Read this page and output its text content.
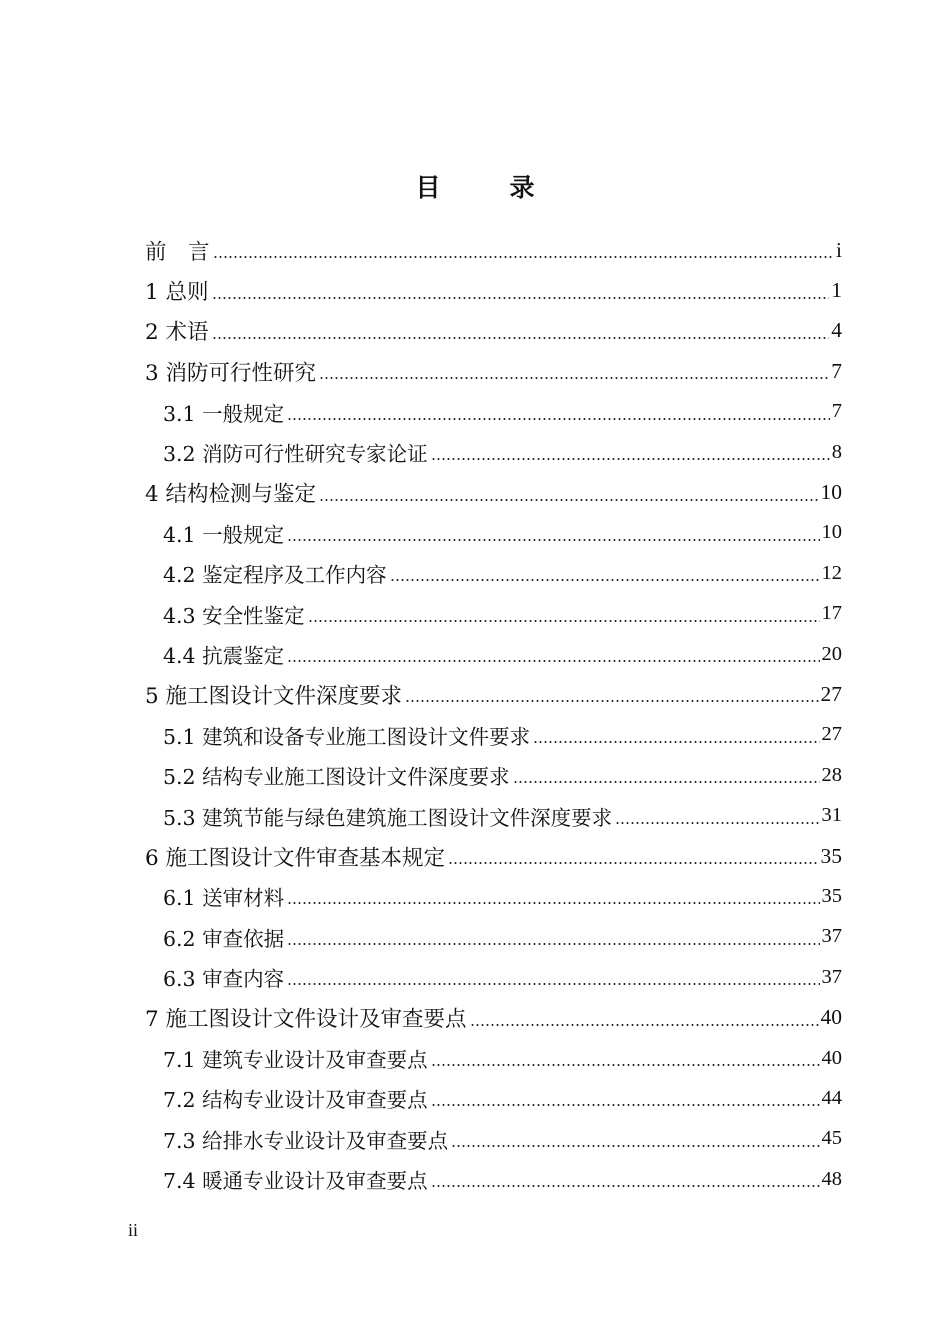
目　录
前　言	i
1 总则	1
2 术语	4
3 消防可行性研究	7
3.1 一般规定	7
3.2 消防可行性研究专家论证	8
4 结构检测与鉴定	10
4.1 一般规定	10
4.2 鉴定程序及工作内容	12
4.3 安全性鉴定	17
4.4 抗震鉴定	20
5 施工图设计文件深度要求	27
5.1 建筑和设备专业施工图设计文件要求	27
5.2 结构专业施工图设计文件深度要求	28
5.3 建筑节能与绿色建筑施工图设计文件深度要求	31
6 施工图设计文件审查基本规定	35
6.1 送审材料	35
6.2 审查依据	37
6.3 审查内容	37
7 施工图设计文件设计及审查要点	40
7.1 建筑专业设计及审查要点	40
7.2 结构专业设计及审查要点	44
7.3 给排水专业设计及审查要点	45
7.4 暖通专业设计及审查要点	48
ii
